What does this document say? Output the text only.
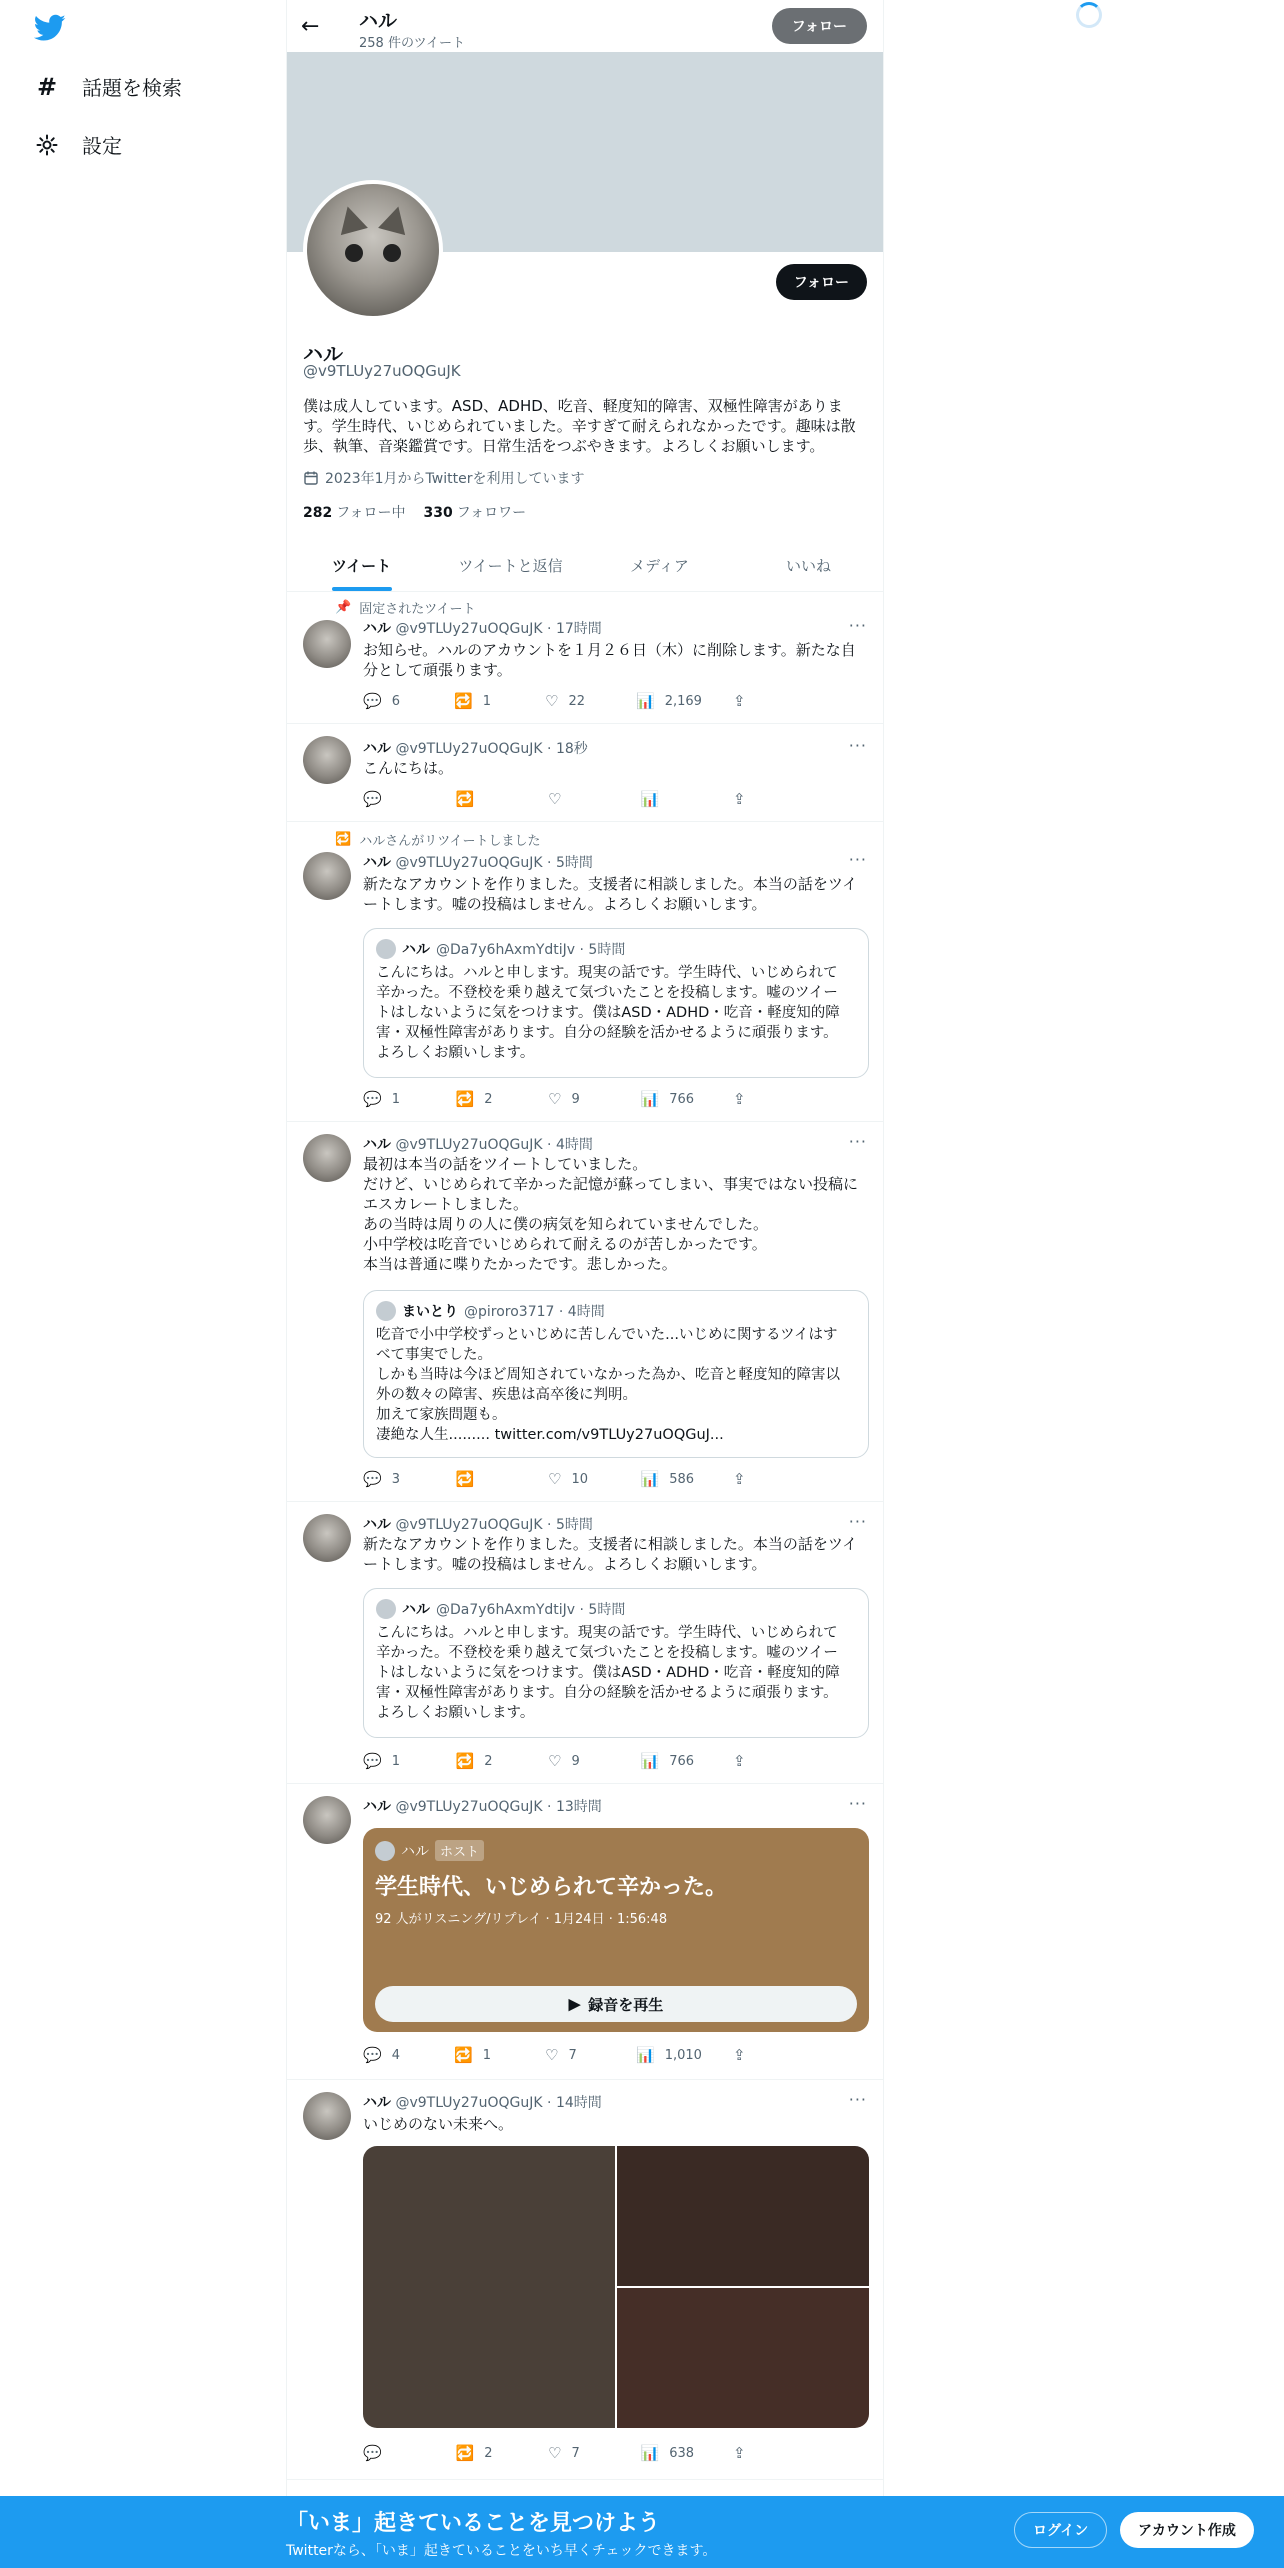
# 話題を検索
設定
← ハル
258 件のツイート
フォロー
フォロー
ハル
@v9TLUy27uOQGuJK
僕は成人しています。ASD、ADHD、吃音、軽度知的障害、双極性障害があります。学生時代、いじめられていました。辛すぎて耐えられなかったです。趣味は散歩、執筆、音楽鑑賞です。日常生活をつぶやきます。よろしくお願いします。
2023年1月からTwitterを利用しています
282 フォロー中 330 フォロワー
ツイート	ツイートと返信	メディア	いいね
📌 固定されたツイート
ハル @v9TLUy27uOQGuJK · 17時間	···
お知らせ。ハルのアカウントを１月２６日（木）に削除します。新たな自分として頑張ります。
💬 6	🔁 1	♡ 22	📊 2,169 ⇪
ハル @v9TLUy27uOQGuJK · 18秒	···
こんにちは。
💬	🔁	♡	📊	⇪
🔁 ハルさんがリツイートしました
ハル @v9TLUy27uOQGuJK · 5時間	···
新たなアカウントを作りました。支援者に相談しました。本当の話をツイートします。嘘の投稿はしません。よろしくお願いします。
ハル @Da7y6hAxmYdtiJv · 5時間
こんにちは。ハルと申します。現実の話です。学生時代、いじめられて
辛かった。不登校を乗り越えて気づいたことを投稿します。嘘のツイー
トはしないように気をつけます。僕はASD・ADHD・吃音・軽度知的障
害・双極性障害があります。自分の経験を活かせるように頑張ります。
よろしくお願いします。
💬 1	🔁 2	♡ 9	📊 766	⇪
ハル @v9TLUy27uOQGuJK · 4時間	···
最初は本当の話をツイートしていました。
だけど、いじめられて辛かった記憶が蘇ってしまい、事実ではない投稿に
エスカレートしました。
あの当時は周りの人に僕の病気を知られていませんでした。
小中学校は吃音でいじめられて耐えるのが苦しかったです。
本当は普通に喋りたかったです。悲しかった。
まいとり @piroro3717 · 4時間
吃音で小中学校ずっといじめに苦しんでいた...いじめに関するツイはす
べて事実でした。
しかも当時は今ほど周知されていなかった為か、吃音と軽度知的障害以
外の数々の障害、疾患は高卒後に判明。
加えて家族問題も。
凄絶な人生......... twitter.com/v9TLUy27uOQGuJ...
💬 3	🔁	♡ 10	📊 586	⇪
ハル @v9TLUy27uOQGuJK · 5時間	···
新たなアカウントを作りました。支援者に相談しました。本当の話をツイートします。嘘の投稿はしません。よろしくお願いします。
ハル @Da7y6hAxmYdtiJv · 5時間
こんにちは。ハルと申します。現実の話です。学生時代、いじめられて
辛かった。不登校を乗り越えて気づいたことを投稿します。嘘のツイー
トはしないように気をつけます。僕はASD・ADHD・吃音・軽度知的障
害・双極性障害があります。自分の経験を活かせるように頑張ります。
よろしくお願いします。
💬 1	🔁 2	♡ 9	📊 766	⇪
ハル @v9TLUy27uOQGuJK · 13時間	···
ハル ホスト
学生時代、いじめられて辛かった。
92 人がリスニング/リプレイ · 1月24日 · 1:56:48
▶ 録音を再生
💬 4	🔁 1	♡ 7	📊 1,010 ⇪
ハル @v9TLUy27uOQGuJK · 14時間	···
いじめのない未来へ。
💬	🔁 2	♡ 7	📊 638	⇪
「いま」起きていることを見つけよう
Twitterなら、「いま」起きていることをいち早くチェックできます。
ログイン	アカウント作成
